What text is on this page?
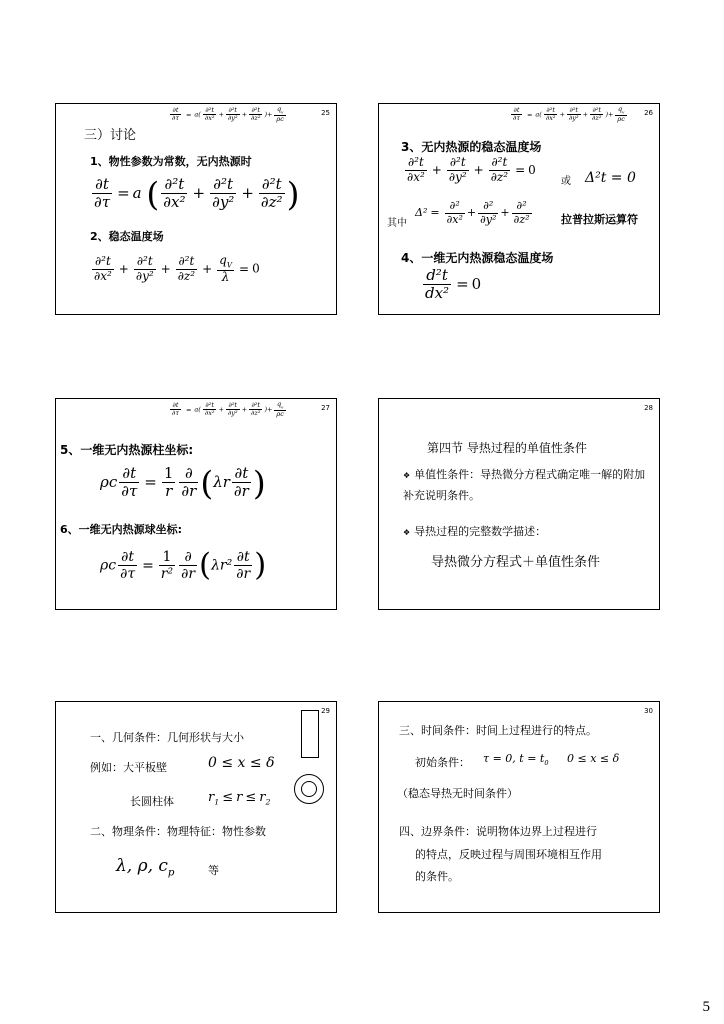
25
$\frac{\partial t}{\partial\tau} = a( \frac{\text{∂²t}}{\text{∂x²}} + \frac{\text{∂²t}}{\text{∂y²}} + \frac{\text{∂²t}}{\text{∂z²}}$ )+ $\frac{q_v}{\rho c}$
三）讨论
1、物性参数为常数，无内热源时
$\frac{\partial t}{\partial\tau} = a$ ( $\frac{\text{∂²t}}{\text{∂x²}} + \frac{\text{∂²t}}{\text{∂y²}} + \frac{\text{∂²t}}{\text{∂z²}}$ )
2、稳态温度场
$\frac{\text{∂²t}}{\text{∂x²}} + \frac{\text{∂²t}}{\text{∂y²}} + \frac{\text{∂²t}}{\text{∂z²}} + \frac{q_V}{\lambda} = 0$
26
$\frac{\partial t}{\partial\tau} = a( \frac{\text{∂²t}}{\text{∂x²}} + \frac{\text{∂²t}}{\text{∂y²}} + \frac{\text{∂²t}}{\text{∂z²}}$ )+ $\frac{q_v}{\rho c}$
3、无内热源的稳态温度场
$\frac{\text{∂²t}}{\text{∂x²}} + \frac{\text{∂²t}}{\text{∂y²}} + \frac{\text{∂²t}}{\text{∂z²}} = 0$
或 Δ²t = 0
其中
$\Delta^2 = \frac{\text{∂²}}{\text{∂x²}} + \frac{\text{∂²}}{\text{∂y²}} + \frac{\text{∂²}}{\text{∂z²}}$	拉普拉斯运算符
4、一维无内热源稳态温度场
$\frac{\text{d²t}}{\text{dx²}} = 0$
27
$\frac{\partial t}{\partial\tau} = a( \frac{\text{∂²t}}{\text{∂x²}} + \frac{\text{∂²t}}{\text{∂y²}} + \frac{\text{∂²t}}{\text{∂z²}}$ )+ $\frac{q_v}{\rho c}$
5、一维无内热源柱坐标:
ρc $\frac{\partial t}{\partial\tau} = \frac{1}{r} \frac{\partial}{\partial r} (\lambda r \frac{\partial t}{\partial r}$ )
6、一维无内热源球坐标:
ρc $\frac{\partial t}{\partial\tau} = \frac{1}{\text{r²}} \frac{\partial}{\partial r} (\lambda r^2 \frac{\partial t}{\partial r}$ )
28
第四节 导热过程的单值性条件
❖ 单值性条件：导热微分方程式确定唯一解的附加补充说明条件。
❖ 导热过程的完整数学描述：
导热微分方程式＋单值性条件
29
一、几何条件：几何形状与大小
例如：大平板壁	0 ≤ x ≤ δ
长圆柱体	$r_1 \le r \le r_2$
二、物理条件：物理特征：物性参数
λ, ρ, $c_p$	等
30
三、时间条件：时间上过程进行的特点。
初始条件： τ = 0, $t = t_0$ 0 ≤ x ≤ δ
（稳态导热无时间条件）
四、边界条件：说明物体边界上过程进行
的特点，反映过程与周围环境相互作用
的条件。
5
